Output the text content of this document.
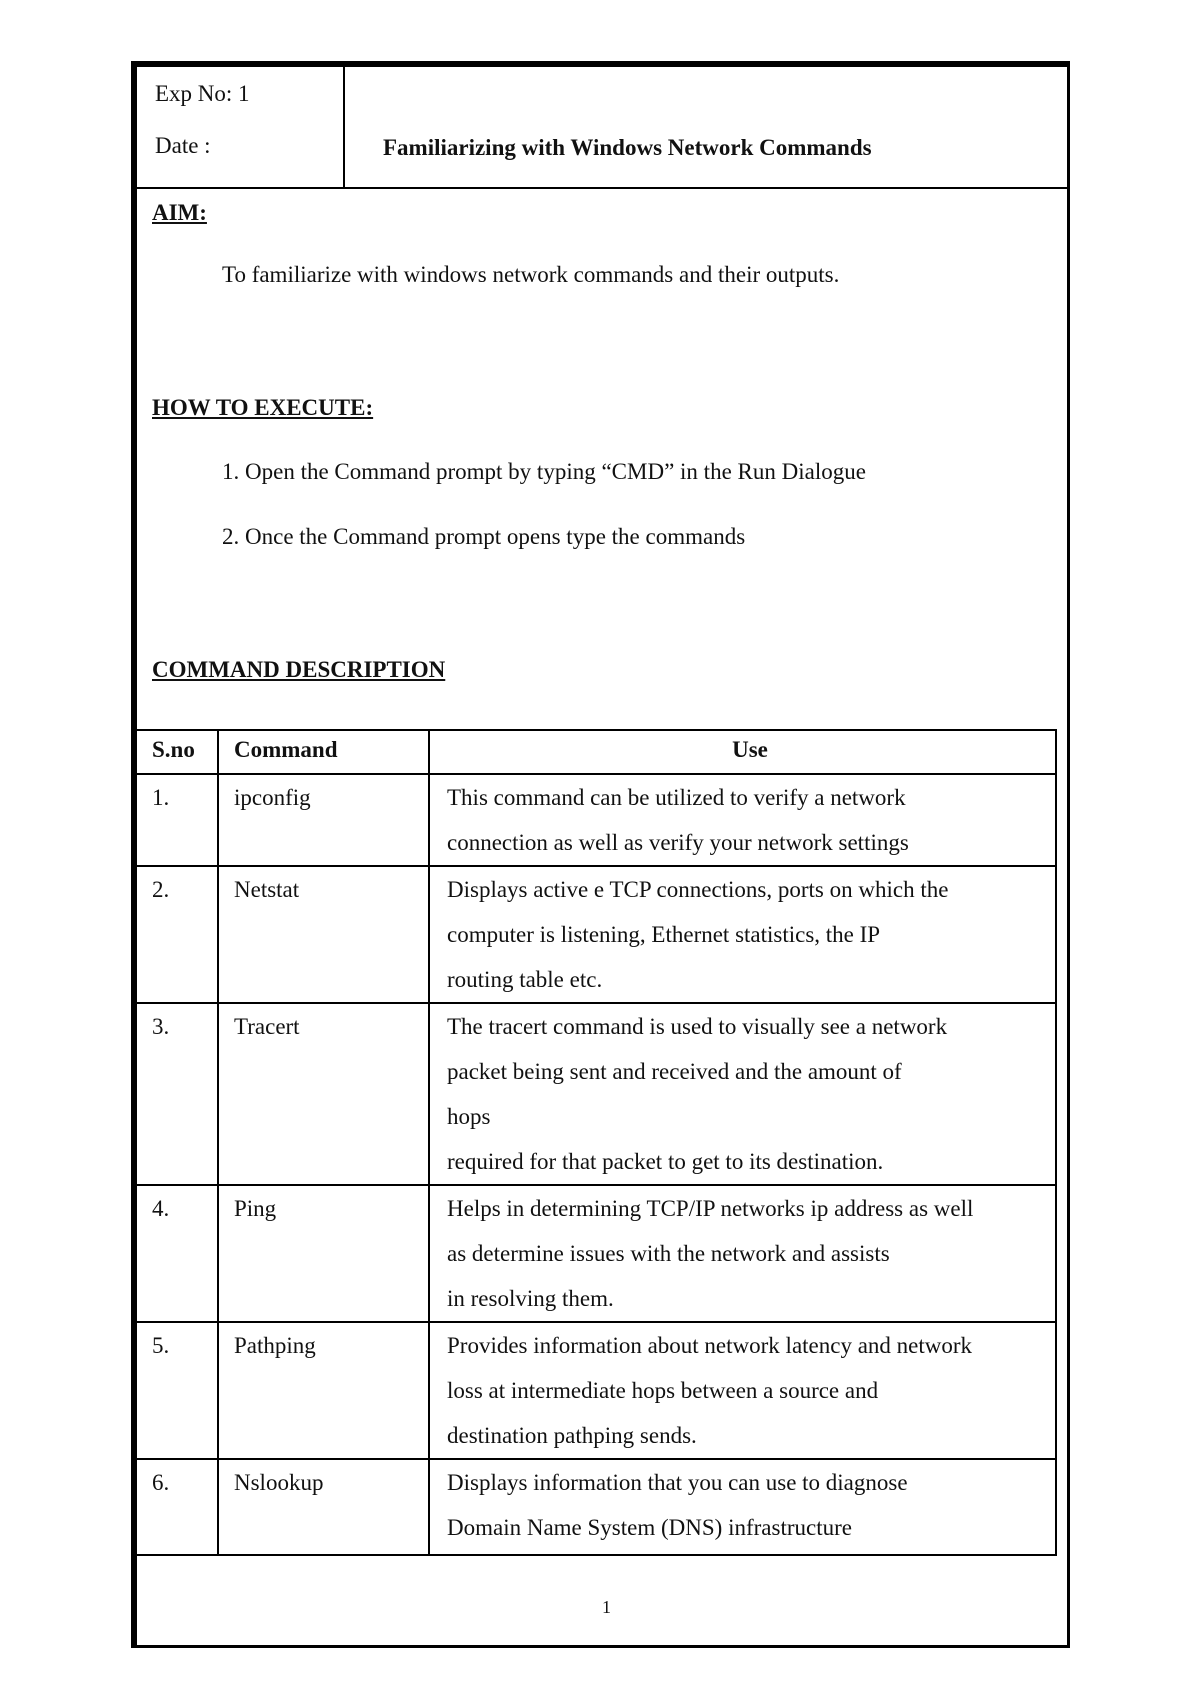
Exp No: 1
Date :	Familiarizing with Windows Network Commands
AIM:
To familiarize with windows network commands and their outputs.
HOW TO EXECUTE:
1. Open the Command prompt by typing “CMD” in the Run Dialogue
2. Once the Command prompt opens type the commands
COMMAND DESCRIPTION
S.no	Command	Use
1.	ipconfig	This command can be utilized to verify a network
connection as well as verify your network settings

2.	Netstat	Displays active e TCP connections, ports on which the
computer is listening, Ethernet statistics, the IP
routing table etc.

3.	Tracert	The tracert command is used to visually see a network
packet being sent and received and the amount of
hops
required for that packet to get to its destination.

4.	Ping	Helps in determining TCP/IP networks ip address as well
as determine issues with the network and assists
in resolving them.

5.	Pathping	Provides information about network latency and network
loss at intermediate hops between a source and
destination pathping sends.

6.	Nslookup	Displays information that you can use to diagnose
Domain Name System (DNS) infrastructure
1
